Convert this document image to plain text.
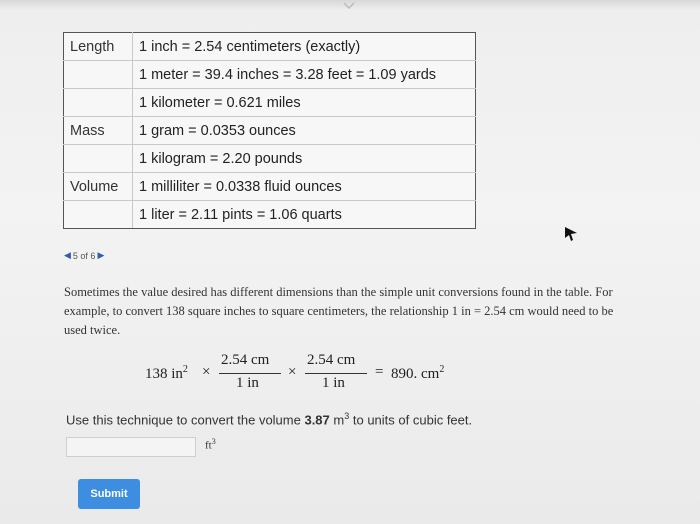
Length	1 inch = 2.54 centimeters (exactly)
	1 meter = 39.4 inches = 3.28 feet = 1.09 yards
	1 kilometer = 0.621 miles
Mass	1 gram = 0.0353 ounces
	1 kilogram = 2.20 pounds
Volume	1 milliliter = 0.0338 fluid ounces
	1 liter = 2.11 pints = 1.06 quarts
◀ 5 of 6 ▶
Sometimes the value desired has different dimensions than the simple unit conversions found in the table. For example, to convert 138 square inches to square centimeters, the relationship 1 in = 2.54 cm would need to be used twice.
138 $in^2$ ×
2.54 cm
1 in
×
2.54 cm
1 in
= 890. $cm^2$
Use this technique to convert the volume 3.87 $m^3$ to units of cubic feet.
$ft^3$
Submit
